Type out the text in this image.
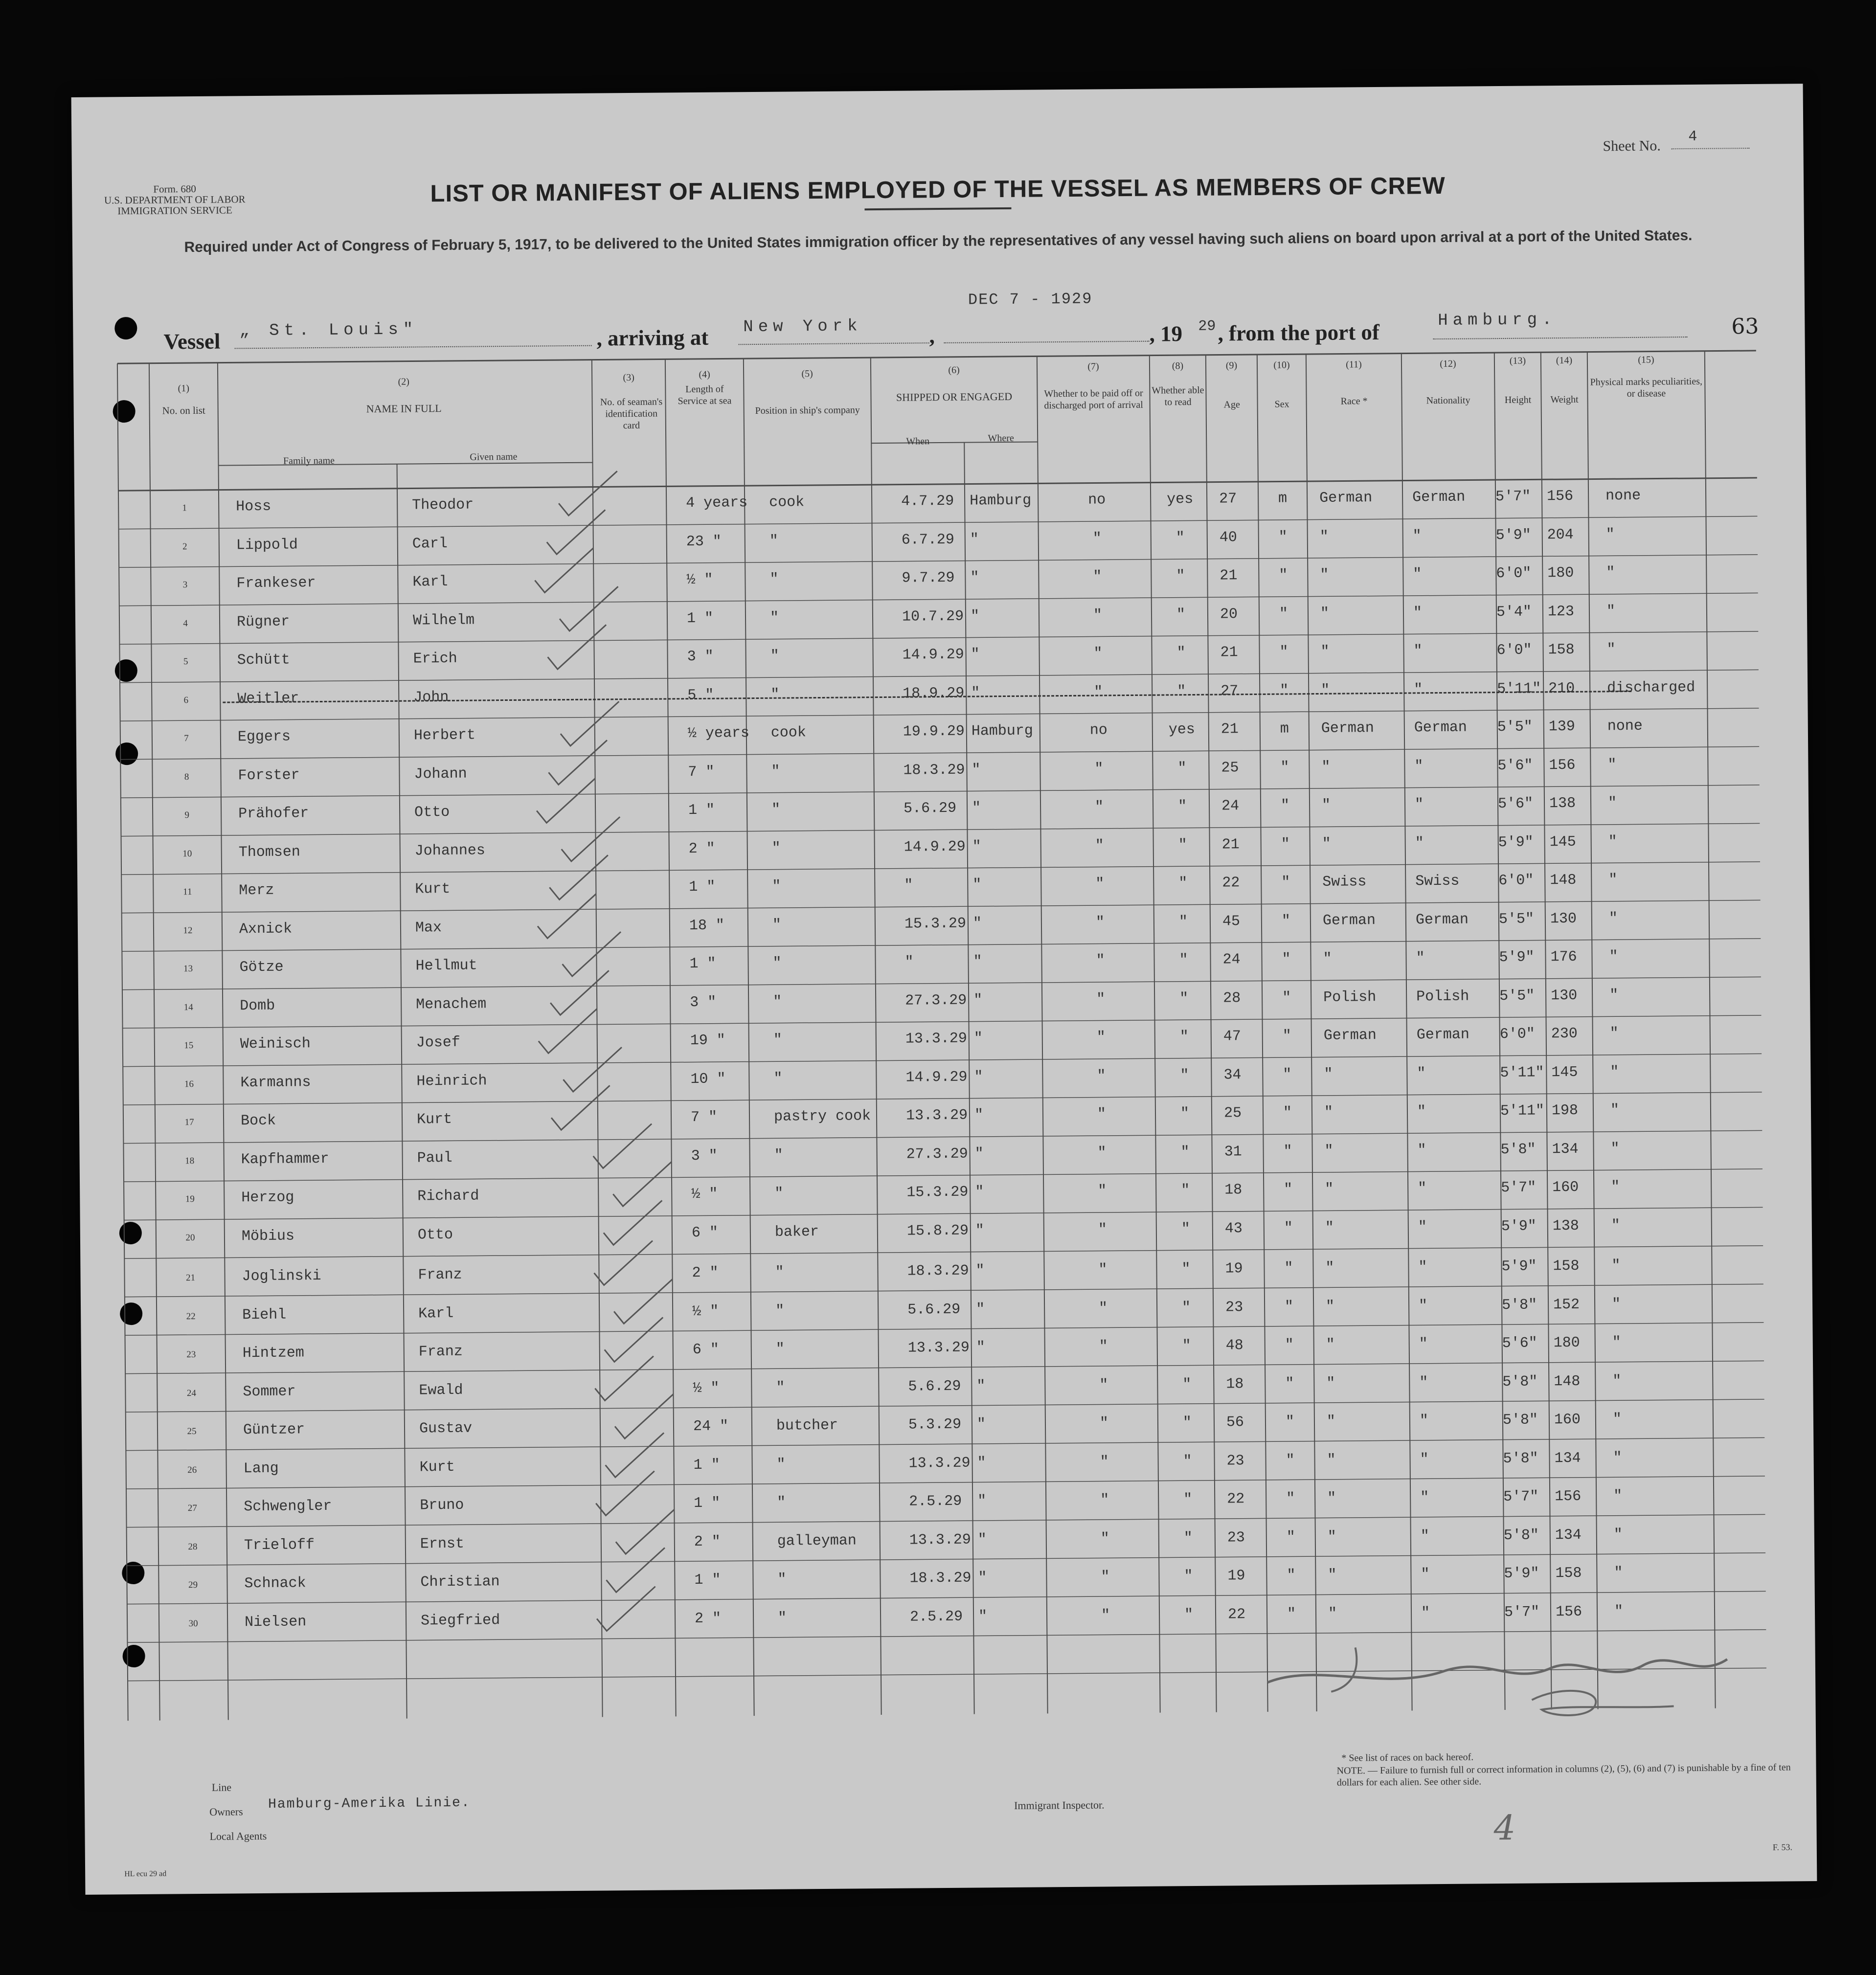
Form. 680
U.S. DEPARTMENT OF LABOR
IMMIGRATION SERVICE
Sheet No.
4
LIST OR MANIFEST OF ALIENS EMPLOYED OF THE VESSEL AS MEMBERS OF CREW
Required under Act of Congress of February 5, 1917, to be delivered to the United States immigration officer by the representatives of any vessel having such aliens on board upon arrival at a port of the United States.
Vessel „ St. Louis"	, arriving at New York	,
DEC 7 - 1929
, 19 29 , from the port of	Hamburg.	63
(1)
No. on list
(2)
NAME IN FULL
Family name	Given name
(3)
No. of seaman's identification card
(4)
Length of Service at sea
(5)
Position in ship's company
(6)
SHIPPED OR ENGAGED
When	Where
(7)
Whether to be paid off or discharged port of arrival
(8)
Whether able to read
(9)
Age
(10)
Sex
(11)
Race *
(12)
Nationality
(13)
Height
(14)
Weight
(15)
Physical marks peculiarities, or disease
1	Hoss	Theodor	4 years cook	4.7.29 Hamburg	no	yes	27	m	German	German 5'7" 156 none
2	Lippold	Carl	23 "	"	6.7.29 "	"	"	40	"	"	"	5'9" 204 "
3	Frankeser	Karl	½ "	"	9.7.29 "	"	"	21	"	"	"	6'0" 180 "
4	Rügner	Wilhelm	1 "	"	10.7.29 "	"	"	20	"	"	"	5'4" 123 "
5	Schütt	Erich	3 "	"	14.9.29 "	"	"	21	"	"	"	6'0" 158 "
6	Weitler	John	5 "	"	18.9.29 "	"	"	27	"	"	"	5'11" 210 discharged
7	Eggers	Herbert	½ years cook	19.9.29 Hamburg	no	yes	21	m	German	German 5'5" 139 none
8	Forster	Johann	7 "	"	18.3.29 "	"	"	25	"	"	"	5'6" 156 "
9	Prähofer	Otto	1 "	"	5.6.29 "	"	"	24	"	"	"	5'6" 138 "
10	Thomsen	Johannes	2 "	"	14.9.29 "	"	"	21	"	"	"	5'9" 145 "
11	Merz	Kurt	1 "	"	"	"	"	"	22	"	Swiss	Swiss	6'0" 148 "
12	Axnick	Max	18 "	"	15.3.29 "	"	"	45	"	German	German 5'5" 130 "
13	Götze	Hellmut	1 "	"	"	"	"	"	24	"	"	"	5'9" 176 "
14	Domb	Menachem	3 "	"	27.3.29 "	"	"	28	"	Polish	Polish 5'5" 130 "
15	Weinisch	Josef	19 "	"	13.3.29 "	"	"	47	"	German	German 6'0" 230 "
16	Karmanns	Heinrich	10 "	"	14.9.29 "	"	"	34	"	"	"	5'11" 145 "
17	Bock	Kurt	7 "	pastry cook 13.3.29 "	"	"	25	"	"	"	5'11" 198 "
18	Kapfhammer	Paul	3 "	"	27.3.29 "	"	"	31	"	"	"	5'8" 134 "
19	Herzog	Richard	½ "	"	15.3.29 "	"	"	18	"	"	"	5'7" 160 "
20	Möbius	Otto	6 "	baker	15.8.29 "	"	"	43	"	"	"	5'9" 138 "
21	Joglinski	Franz	2 "	"	18.3.29 "	"	"	19	"	"	"	5'9" 158 "
22	Biehl	Karl	½ "	"	5.6.29 "	"	"	23	"	"	"	5'8" 152 "
23	Hintzem	Franz	6 "	"	13.3.29 "	"	"	48	"	"	"	5'6" 180 "
24	Sommer	Ewald	½ "	"	5.6.29 "	"	"	18	"	"	"	5'8" 148 "
25	Güntzer	Gustav	24 "	butcher	5.3.29 "	"	"	56	"	"	"	5'8" 160 "
26	Lang	Kurt	1 "	"	13.3.29 "	"	"	23	"	"	"	5'8" 134 "
27	Schwengler	Bruno	1 "	"	2.5.29 "	"	"	22	"	"	"	5'7" 156 "
28	Trieloff	Ernst	2 "	galleyman	13.3.29 "	"	"	23	"	"	"	5'8" 134 "
29	Schnack	Christian	1 "	"	18.3.29 "	"	"	19	"	"	"	5'9" 158 "
30	Nielsen	Siegfried	2 "	"	2.5.29 "	"	"	22	"	"	"	5'7" 156 "
Line
Owners Hamburg-Amerika Linie.
Local Agents
Immigrant Inspector.
* See list of races on back hereof.
NOTE. — Failure to furnish full or correct information in columns (2), (5), (6) and (7) is punishable by a fine of ten dollars for each alien. See other side.
4	F. 53.
HL ecu 29 ad
